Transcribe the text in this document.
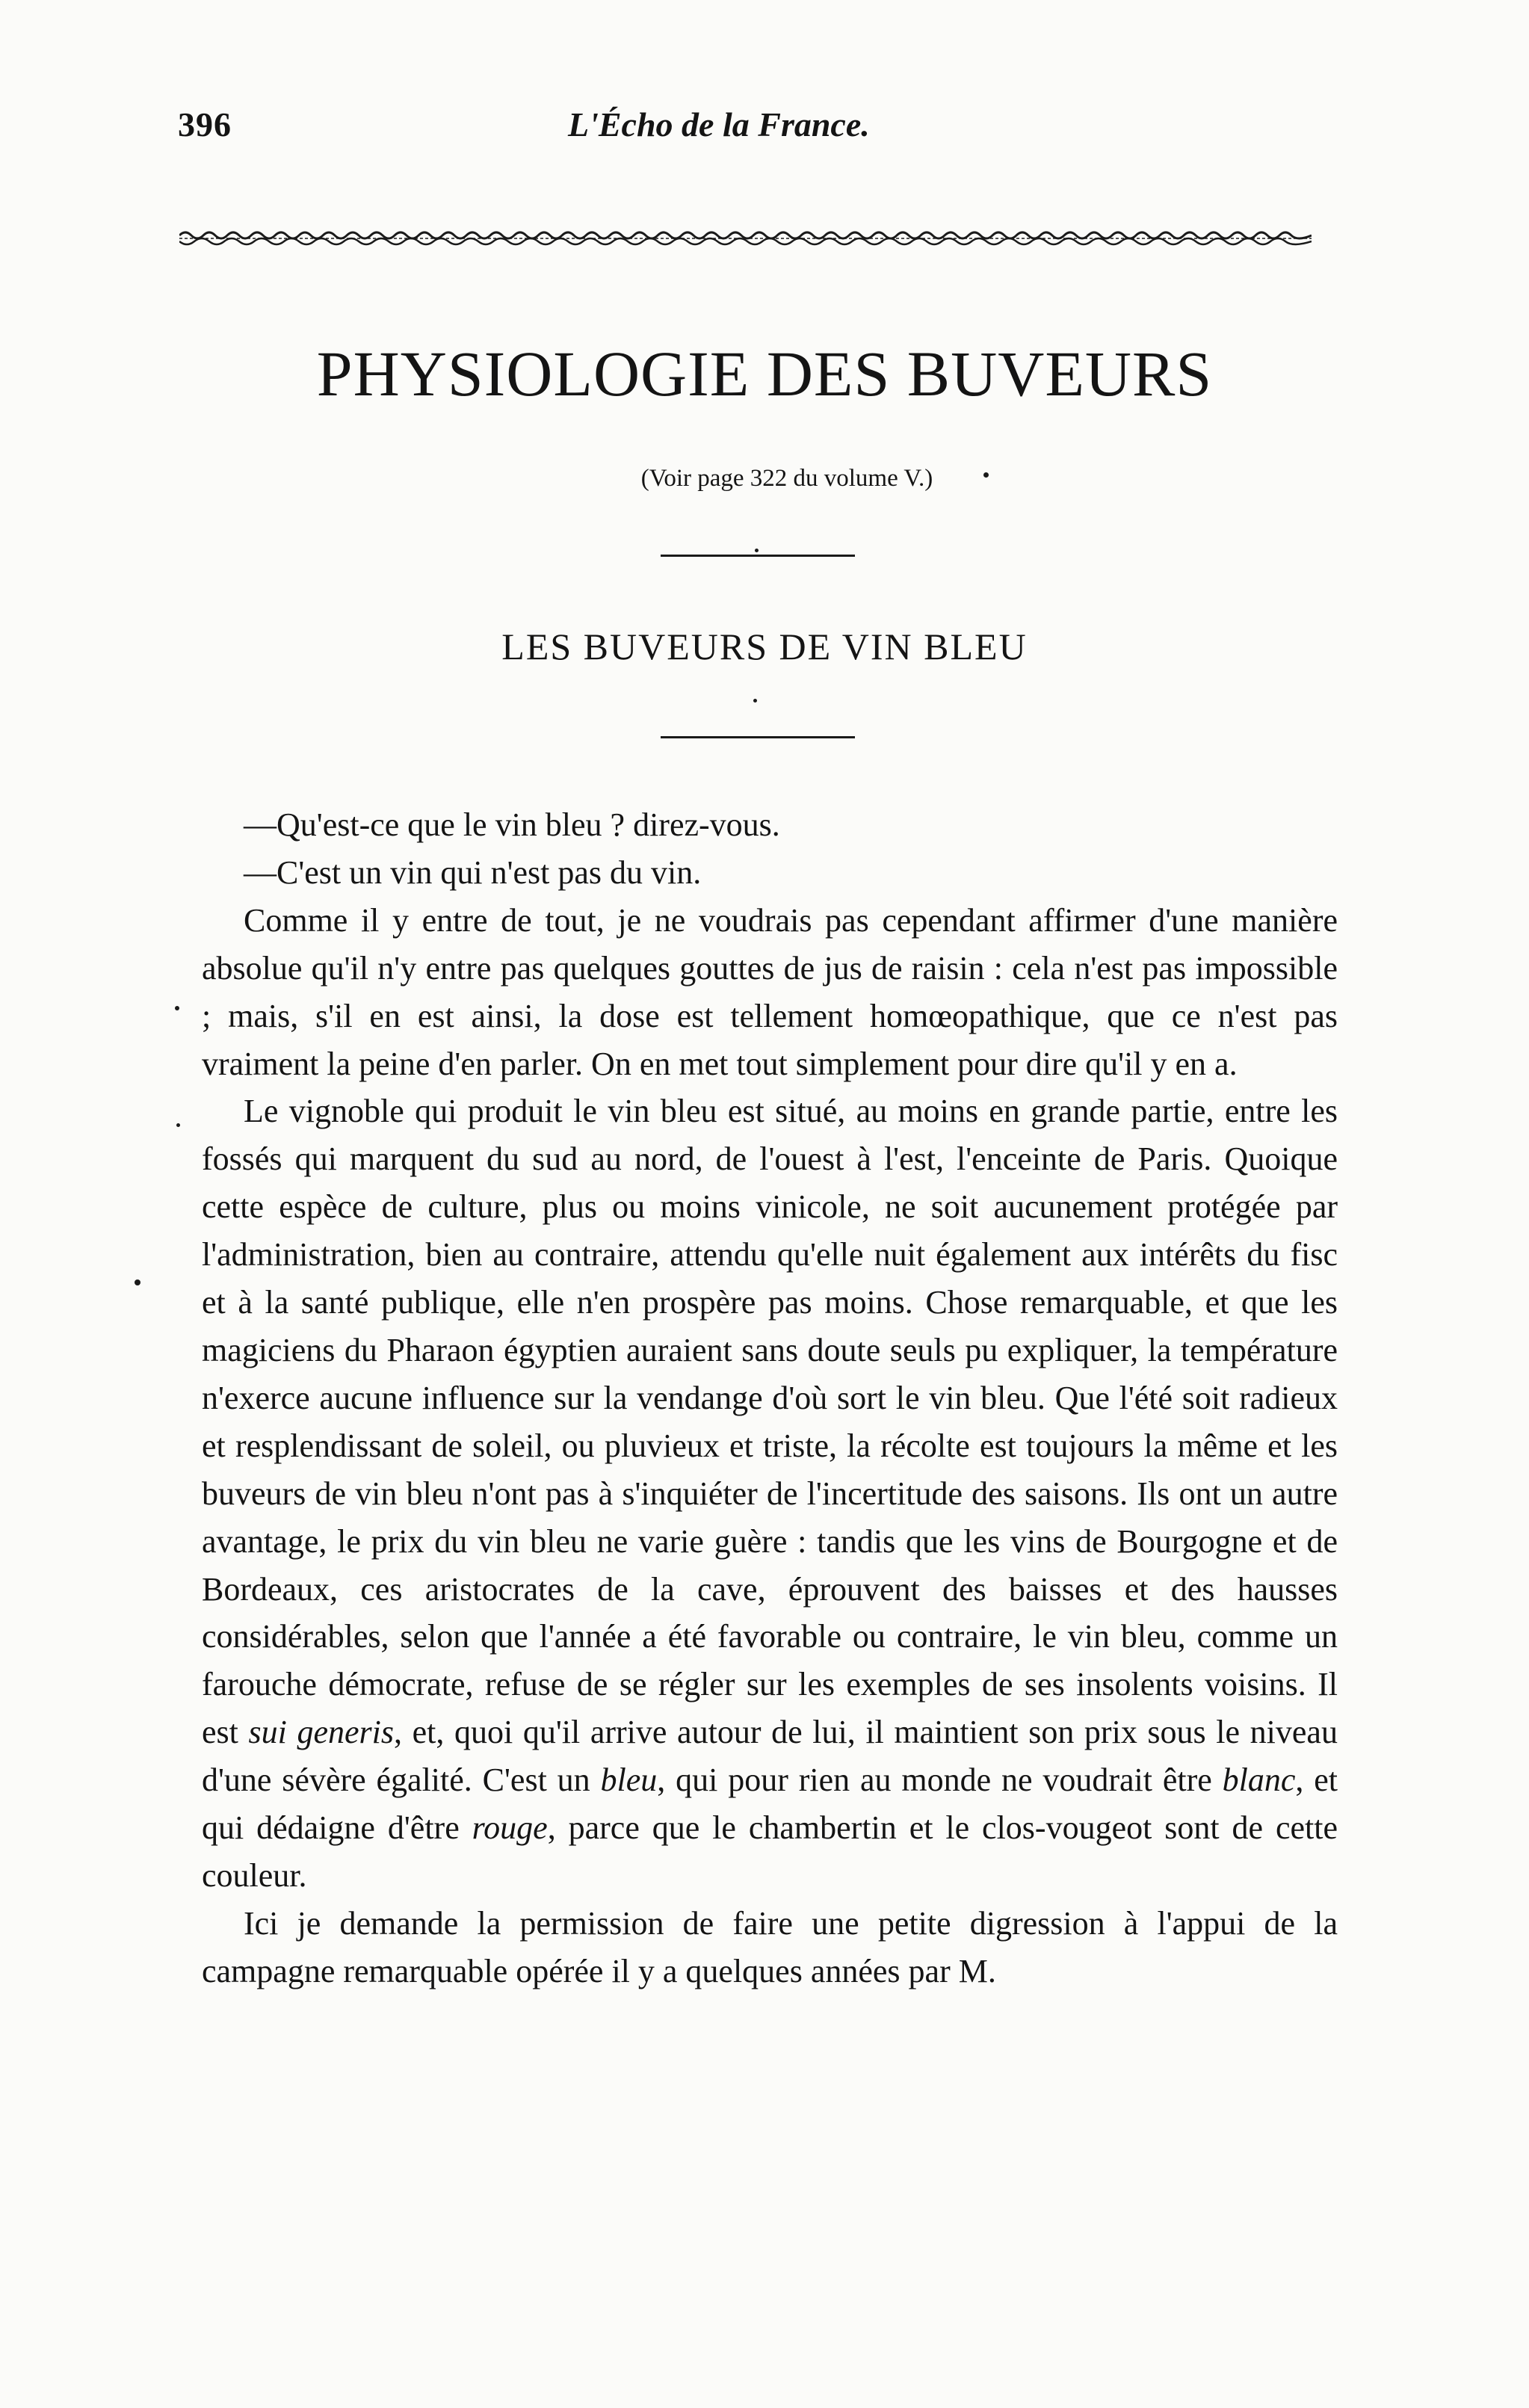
396	L'Écho de la France.
PHYSIOLOGIE DES BUVEURS
(Voir page 322 du volume V.)
LES BUVEURS DE VIN BLEU

—Qu'est-ce que le vin bleu ? direz-vous.

—C'est un vin qui n'est pas du vin.

Comme il y entre de tout, je ne voudrais pas cependant affirmer d'une manière absolue qu'il n'y entre pas quelques gouttes de jus de raisin : cela n'est pas impossible ; mais, s'il en est ainsi, la dose est tellement homœopathique, que ce n'est pas vraiment la peine d'en parler. On en met tout simplement pour dire qu'il y en a.

Le vignoble qui produit le vin bleu est situé, au moins en grande partie, entre les fossés qui marquent du sud au nord, de l'ouest à l'est, l'enceinte de Paris. Quoique cette espèce de culture, plus ou moins vinicole, ne soit aucunement protégée par l'administration, bien au contraire, attendu qu'elle nuit également aux intérêts du fisc et à la santé publique, elle n'en prospère pas moins. Chose remarquable, et que les magiciens du Pharaon égyptien auraient sans doute seuls pu expliquer, la température n'exerce aucune influence sur la vendange d'où sort le vin bleu. Que l'été soit radieux et resplendissant de soleil, ou pluvieux et triste, la récolte est toujours la même et les buveurs de vin bleu n'ont pas à s'inquiéter de l'incertitude des saisons. Ils ont un autre avantage, le prix du vin bleu ne varie guère : tandis que les vins de Bourgogne et de Bordeaux, ces aristocrates de la cave, éprouvent des baisses et des hausses considérables, selon que l'année a été favorable ou contraire, le vin bleu, comme un farouche démocrate, refuse de se régler sur les exemples de ses insolents voisins. Il est sui generis, et, quoi qu'il arrive autour de lui, il maintient son prix sous le niveau d'une sévère égalité. C'est un bleu, qui pour rien au monde ne voudrait être blanc, et qui dédaigne d'être rouge, parce que le chambertin et le clos-vougeot sont de cette couleur.

Ici je demande la permission de faire une petite digression à l'appui de la campagne remarquable opérée il y a quelques années par M.
